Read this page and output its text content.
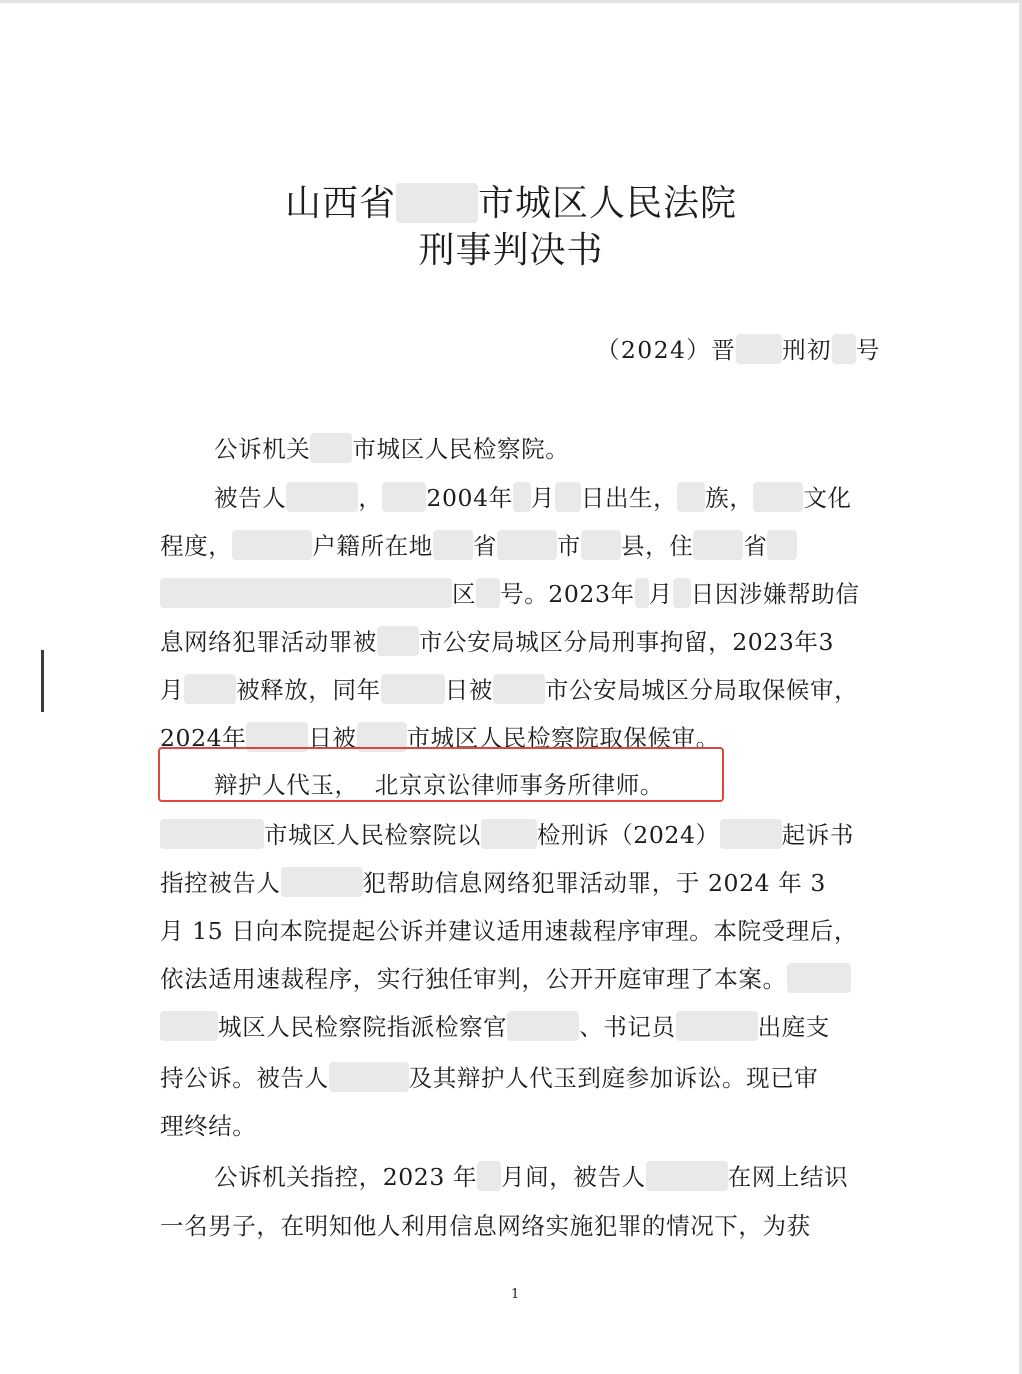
山西省 市城区人民法院
刑事判决书
（2024）晋 刑初 号
公诉机关 市城区人民检察院。
被告人	， 2004年 月 日出生， 族， 文化
程度，	户籍所在地 省	市 县，住 省
区 号。2023年 月 日因涉嫌帮助信
息网络犯罪活动罪被 市公安局城区分局刑事拘留，2023年3
月 被释放，同年	日被 市公安局城区分局取保候审，
2024年	日被 市城区人民检察院取保候审。
辩护人代玉，  北京京讼律师事务所律师。
市城区人民检察院以 检刑诉（2024）	起诉书
指控被告人	犯帮助信息网络犯罪活动罪，于 2024 年 3
月 15 日向本院提起公诉并建议适用速裁程序审理。本院受理后，
依法适用速裁程序，实行独任审判，公开开庭审理了本案。
城区人民检察院指派检察官	、书记员	出庭支
持公诉。被告人	及其辩护人代玉到庭参加诉讼。现已审
理终结。
公诉机关指控，2023 年 月间，被告人	在网上结识
一名男子，在明知他人利用信息网络实施犯罪的情况下，为获
1
